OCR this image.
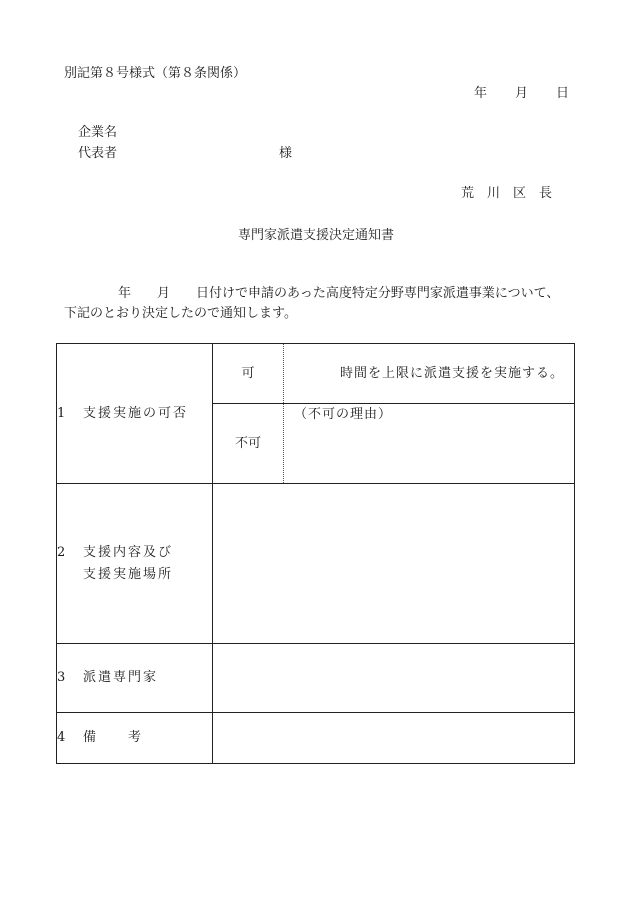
別記第８号様式（第８条関係）
年 月 日
企業名
代表者	様
荒　川　区　長
専門家派遣支援決定通知書
年 月 日付けで申請のあった高度特定分野専門家派遣事業について、
下記のとおり決定したので通知します。
1 支援実施の可否	可	時間を上限に派遣支援を実施する。
	不可	（不可の理由）
2 支援内容及び
支援実施場所		

3 派遣専門家		
4 備　　考		
